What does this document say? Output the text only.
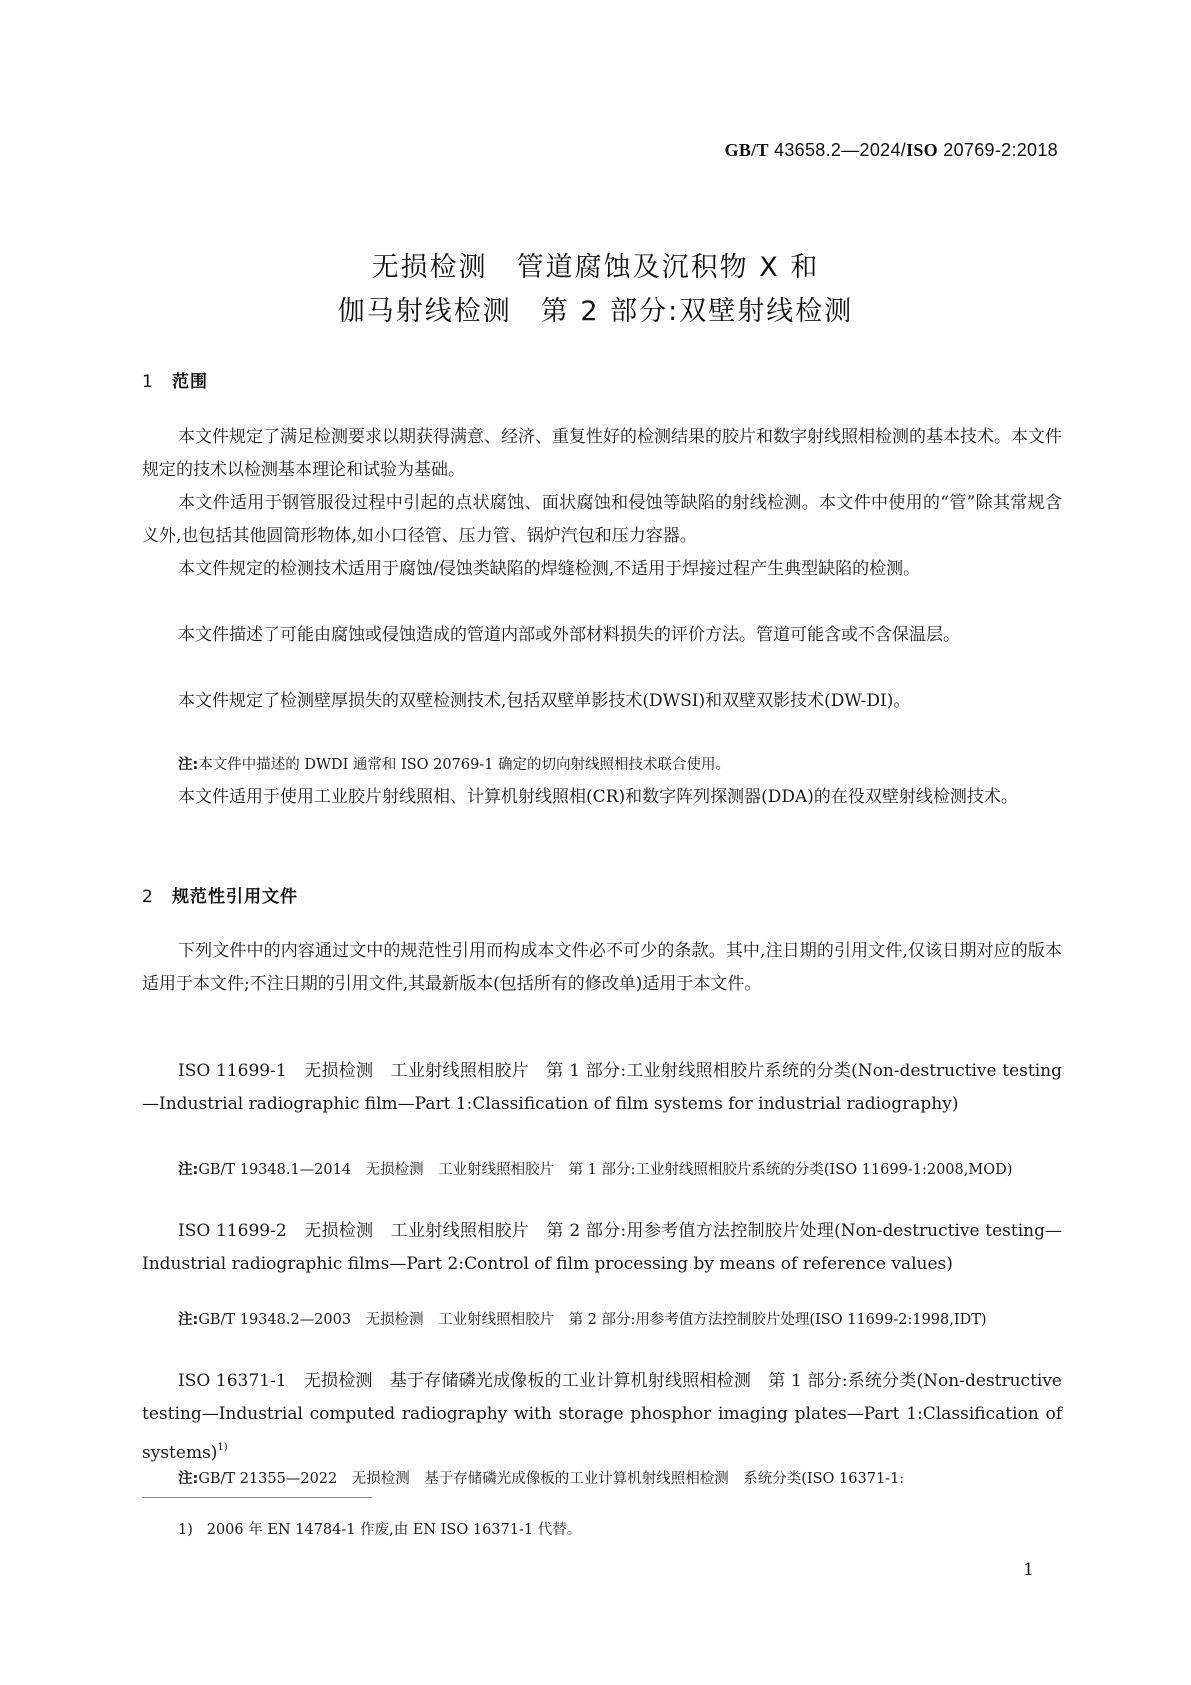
GB/T 43658.2—2024/ISO 20769-2:2018
无损检测　管道腐蚀及沉积物 X 和
伽马射线检测　第 2 部分:双壁射线检测
1 范围
本文件规定了满足检测要求以期获得满意、经济、重复性好的检测结果的胶片和数字射线照相检测的基本技术。本文件规定的技术以检测基本理论和试验为基础。
本文件适用于钢管服役过程中引起的点状腐蚀、面状腐蚀和侵蚀等缺陷的射线检测。本文件中使用的“管”除其常规含义外,也包括其他圆筒形物体,如小口径管、压力管、锅炉汽包和压力容器。
本文件规定的检测技术适用于腐蚀/侵蚀类缺陷的焊缝检测,不适用于焊接过程产生典型缺陷的检测。
本文件描述了可能由腐蚀或侵蚀造成的管道内部或外部材料损失的评价方法。管道可能含或不含保温层。
本文件规定了检测壁厚损失的双壁检测技术,包括双壁单影技术(DWSI)和双壁双影技术(DW-DI)。
注:本文件中描述的 DWDI 通常和 ISO 20769-1 确定的切向射线照相技术联合使用。
本文件适用于使用工业胶片射线照相、计算机射线照相(CR)和数字阵列探测器(DDA)的在役双壁射线检测技术。
2 规范性引用文件
下列文件中的内容通过文中的规范性引用而构成本文件必不可少的条款。其中,注日期的引用文件,仅该日期对应的版本适用于本文件;不注日期的引用文件,其最新版本(包括所有的修改单)适用于本文件。
ISO 11699-1　无损检测　工业射线照相胶片　第 1 部分:工业射线照相胶片系统的分类(Non-destructive testing—Industrial radiographic film—Part 1:Classification of film systems for industrial radiography)
注:GB/T 19348.1—2014　无损检测　工业射线照相胶片　第 1 部分:工业射线照相胶片系统的分类(ISO 11699-1:2008,MOD)
ISO 11699-2　无损检测　工业射线照相胶片　第 2 部分:用参考值方法控制胶片处理(Non-destructive testing—Industrial radiographic films—Part 2:Control of film processing by means of reference values)
注:GB/T 19348.2—2003　无损检测　工业射线照相胶片　第 2 部分:用参考值方法控制胶片处理(ISO 11699-2:1998,IDT)
ISO 16371-1　无损检测　基于存储磷光成像板的工业计算机射线照相检测　第 1 部分:系统分类(Non-destructive testing—Industrial computed radiography with storage phosphor imaging plates—Part 1:Classification of systems)$^{1)}$
注:GB/T 21355—2022　无损检测　基于存储磷光成像板的工业计算机射线照相检测　系统分类(ISO 16371-1:
1) 2006 年 EN 14784-1 作废,由 EN ISO 16371-1 代替。
1
